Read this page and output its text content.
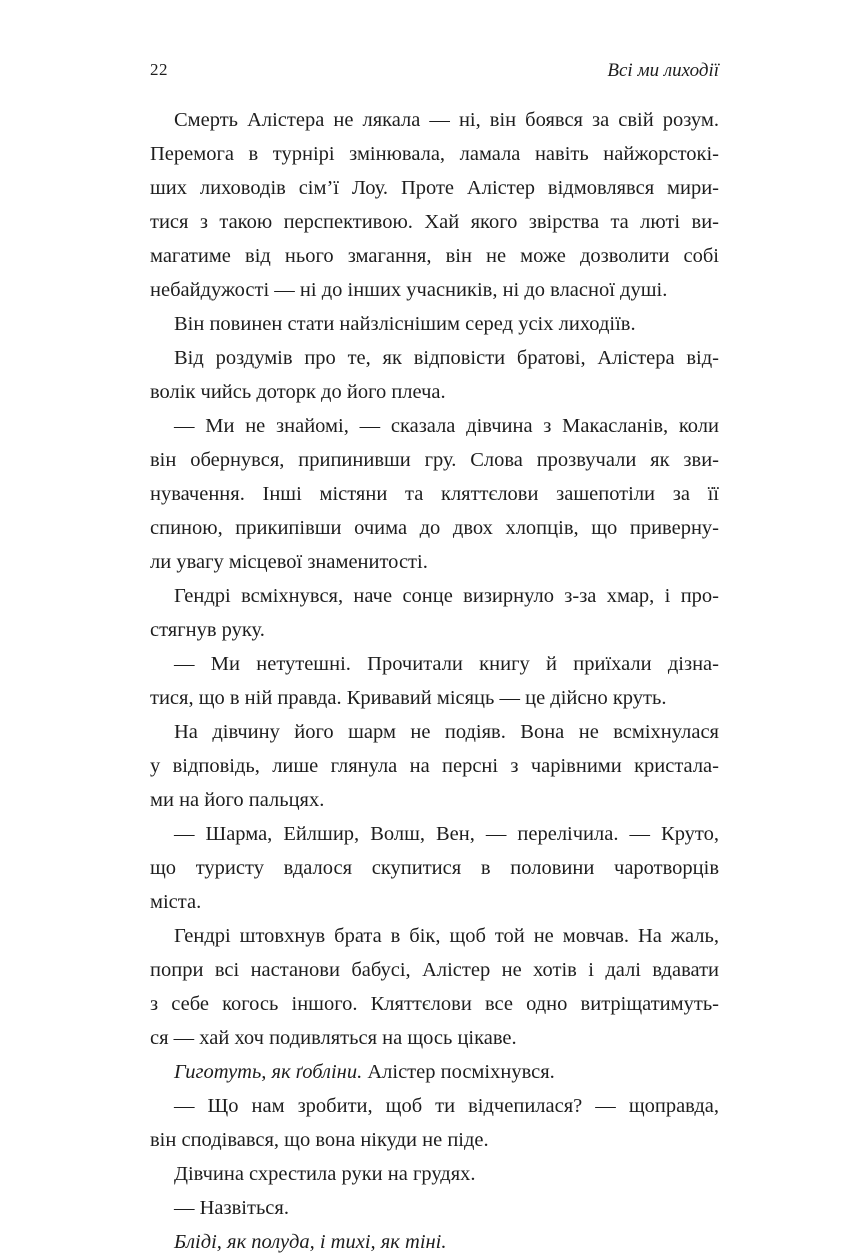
22	Всі ми лиходії
Смерть Алістера не лякала — ні, він боявся за свій розум.
Перемога в турнірі змінювала, ламала навіть найжорстокі-
ших лиховодів сім’ї Лоу. Проте Алістер відмовлявся мири-
тися з такою перспективою. Хай якого звірства та люті ви-
магатиме від нього змагання, він не може дозволити собі
небайдужості — ні до інших учасників, ні до власної душі.
Він повинен стати найзліснішим серед усіх лиходіїв.
Від роздумів про те, як відповісти братові, Алістера від-
волік чийсь доторк до його плеча.
— Ми не знайомі, — сказала дівчина з Макасланів, коли
він обернувся, припинивши гру. Слова прозвучали як зви-
нувачення. Інші містяни та кляттєлови зашепотіли за її
спиною, прикипівши очима до двох хлопців, що приверну-
ли увагу місцевої знаменитості.
Гендрі всміхнувся, наче сонце визирнуло з-за хмар, і про-
стягнув руку.
— Ми нетутешні. Прочитали книгу й приїхали дізна-
тися, що в ній правда. Кривавий місяць — це дійсно круть.
На дівчину його шарм не подіяв. Вона не всміхнулася
у відповідь, лише глянула на персні з чарівними кристала-
ми на його пальцях.
— Шарма, Ейлшир, Волш, Вен, — перелічила. — Круто,
що туристу вдалося скупитися в половини чаротворців
міста.
Гендрі штовхнув брата в бік, щоб той не мовчав. На жаль,
попри всі настанови бабусі, Алістер не хотів і далі вдавати
з себе когось іншого. Кляттєлови все одно витріщатимуть-
ся — хай хоч подивляться на щось цікаве.
Гиготуть, як ґобліни. Алістер посміхнувся.
— Що нам зробити, щоб ти відчепилася? — щоправда,
він сподівався, що вона нікуди не піде.
Дівчина схрестила руки на грудях.
— Назвіться.
Бліді, як полуда, і тихі, як тіні.
